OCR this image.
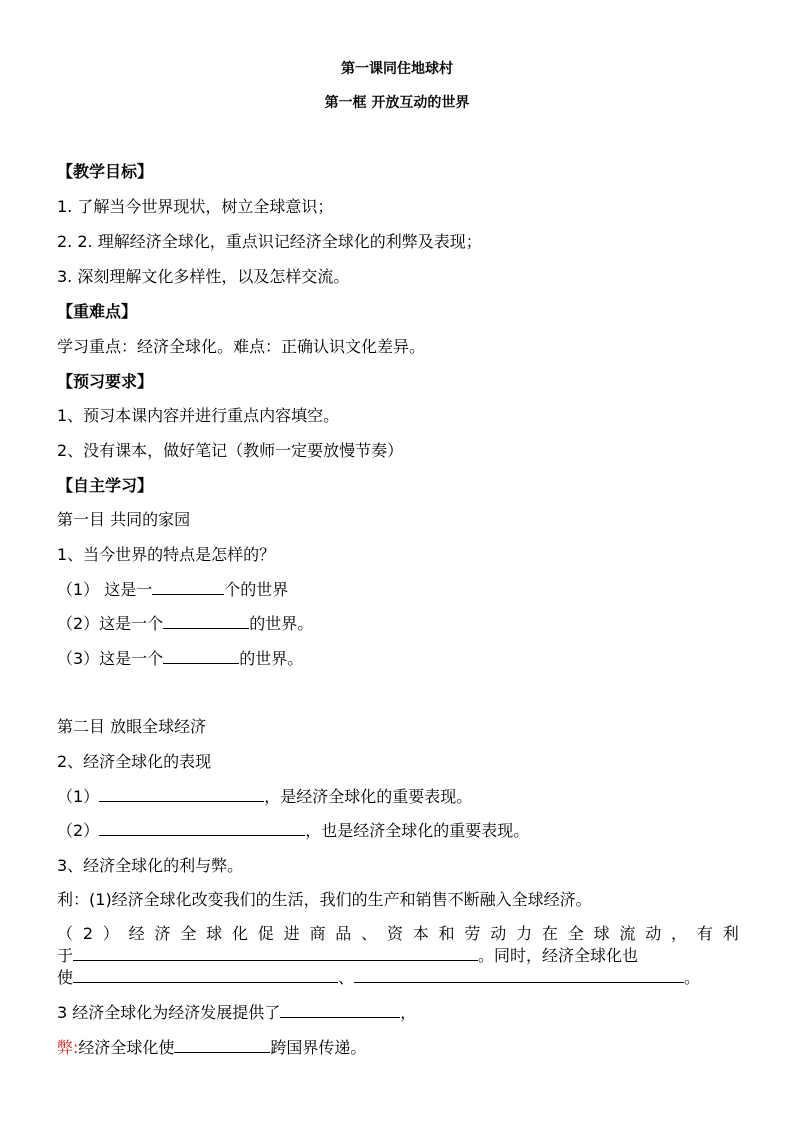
第一课同住地球村
第一框 开放互动的世界
【教学目标】
1. 了解当今世界现状，树立全球意识；
2. 2. 理解经济全球化，重点识记经济全球化的利弊及表现；
3. 深刻理解文化多样性，以及怎样交流。
【重难点】
学习重点：经济全球化。难点：正确认识文化差异。
【预习要求】
1、预习本课内容并进行重点内容填空。
2、没有课本，做好笔记（教师一定要放慢节奏）
【自主学习】
第一目 共同的家园
1、当今世界的特点是怎样的？
（1） 这是一	个的世界
（2）这是一个	的世界。
（3）这是一个	的世界。
第二目 放眼全球经济
2、经济全球化的表现
（1）	，是经济全球化的重要表现。
（2）	，也是经济全球化的重要表现。
3、经济全球化的利与弊。
利：(1)经济全球化改变我们的生活，我们的生产和销售不断融入全球经济。
（ 2 ） 经 济 全 球 化 促 进 商 品 、 资 本 和 劳 动 力 在 全 球 流 动 ， 有 利
于	。同时，经济全球化也
使	、	。
3 经济全球化为经济发展提供了	，
弊:经济全球化使	跨国界传递。
